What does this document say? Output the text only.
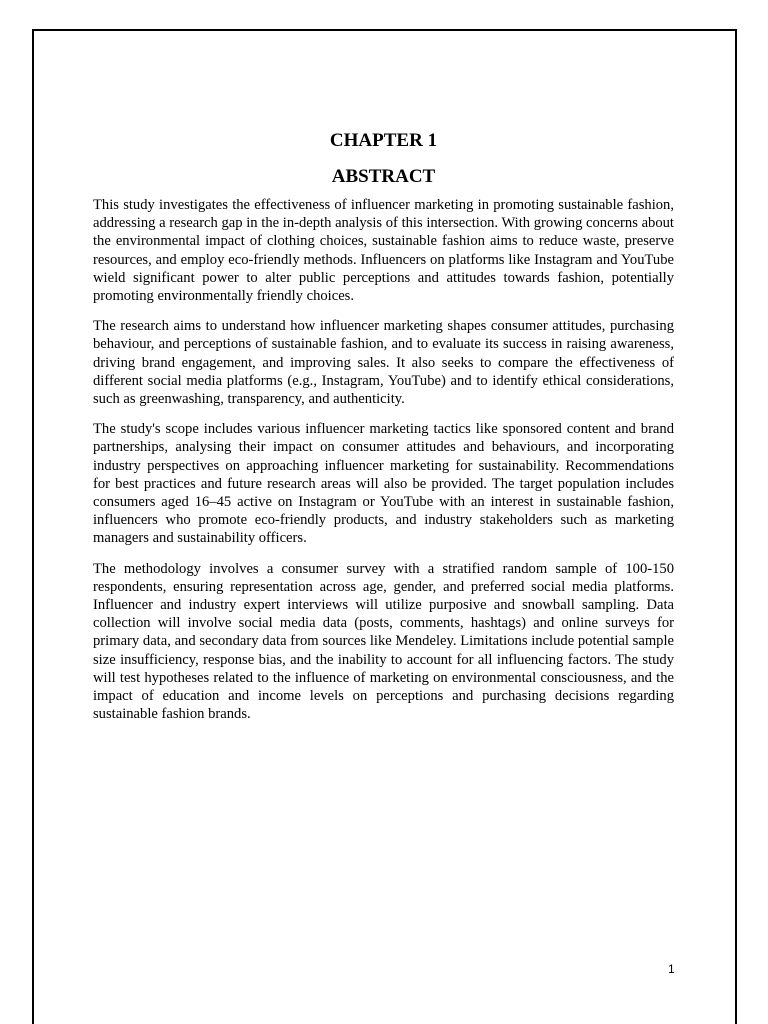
CHAPTER 1
ABSTRACT

This study investigates the effectiveness of influencer marketing in promoting sustainable fashion, addressing a research gap in the in-depth analysis of this intersection. With growing concerns about the environmental impact of clothing choices, sustainable fashion aims to reduce waste, preserve resources, and employ eco-friendly methods. Influencers on platforms like Instagram and YouTube wield significant power to alter public perceptions and attitudes towards fashion, potentially promoting environmentally friendly choices.

The research aims to understand how influencer marketing shapes consumer attitudes, purchasing behaviour, and perceptions of sustainable fashion, and to evaluate its success in raising awareness, driving brand engagement, and improving sales. It also seeks to compare the effectiveness of different social media platforms (e.g., Instagram, YouTube) and to identify ethical considerations, such as greenwashing, transparency, and authenticity.

The study's scope includes various influencer marketing tactics like sponsored content and brand partnerships, analysing their impact on consumer attitudes and behaviours, and incorporating industry perspectives on approaching influencer marketing for sustainability. Recommendations for best practices and future research areas will also be provided. The target population includes consumers aged 16–45 active on Instagram or YouTube with an interest in sustainable fashion, influencers who promote eco-friendly products, and industry stakeholders such as marketing managers and sustainability officers.

The methodology involves a consumer survey with a stratified random sample of 100-150 respondents, ensuring representation across age, gender, and preferred social media platforms. Influencer and industry expert interviews will utilize purposive and snowball sampling. Data collection will involve social media data (posts, comments, hashtags) and online surveys for primary data, and secondary data from sources like Mendeley. Limitations include potential sample size insufficiency, response bias, and the inability to account for all influencing factors. The study will test hypotheses related to the influence of marketing on environmental consciousness, and the impact of education and income levels on perceptions and purchasing decisions regarding sustainable fashion brands.

1
